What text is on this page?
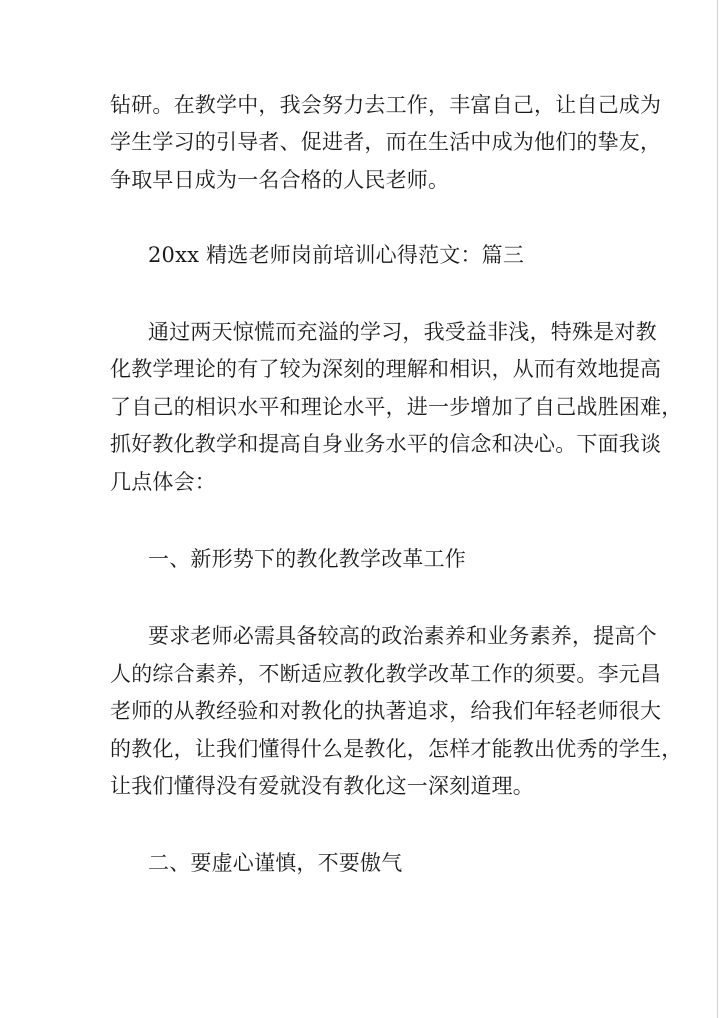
钻研。在教学中，我会努力去工作，丰富自己，让自己成为
学生学习的引导者、促进者，而在生活中成为他们的挚友，
争取早日成为一名合格的人民老师。
20xx 精选老师岗前培训心得范文：篇三
通过两天惊慌而充溢的学习，我受益非浅，特殊是对教
化教学理论的有了较为深刻的理解和相识，从而有效地提高
了自己的相识水平和理论水平，进一步增加了自己战胜困难，
抓好教化教学和提高自身业务水平的信念和决心。下面我谈
几点体会：
一、新形势下的教化教学改革工作
要求老师必需具备较高的政治素养和业务素养，提高个
人的综合素养，不断适应教化教学改革工作的须要。李元昌
老师的从教经验和对教化的执著追求，给我们年轻老师很大
的教化，让我们懂得什么是教化，怎样才能教出优秀的学生，
让我们懂得没有爱就没有教化这一深刻道理。
二、要虚心谨慎，不要傲气
